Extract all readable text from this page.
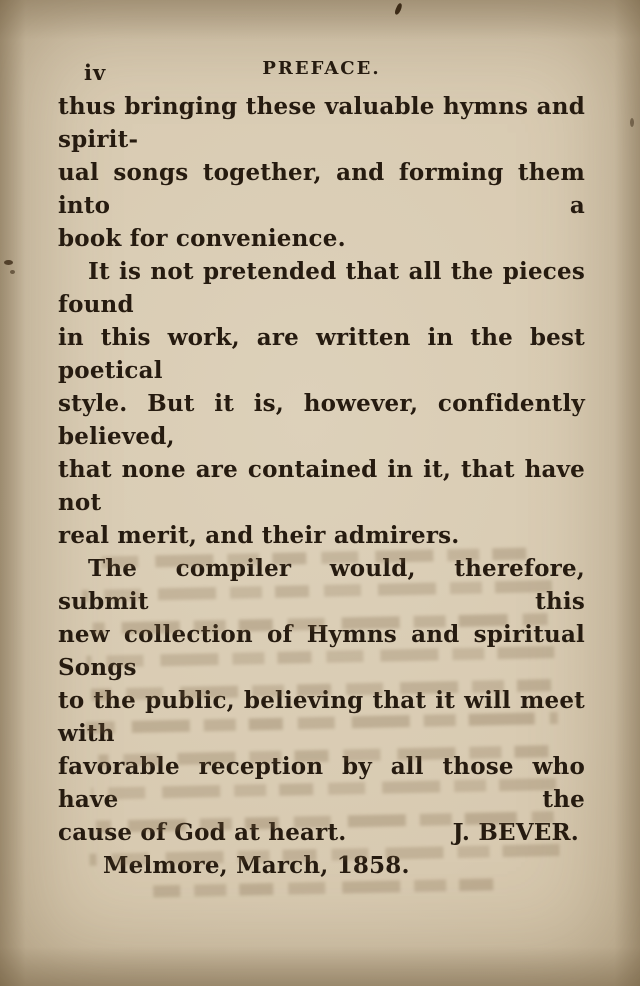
iv	PREFACE.
thus bringing these valuable hymns and spirit-
ual songs together, and forming them into a
book for convenience.
It is not pretended that all the pieces found
in this work, are written in the best poetical
style. But it is, however, confidently believed,
that none are contained in it, that have not
real merit, and their admirers.
The compiler would, therefore, submit this
new collection of Hymns and spiritual Songs
to the public, believing that it will meet with
favorable reception by all those who have the
cause of God at heart.	J. BEVER.
Melmore, March, 1858.
